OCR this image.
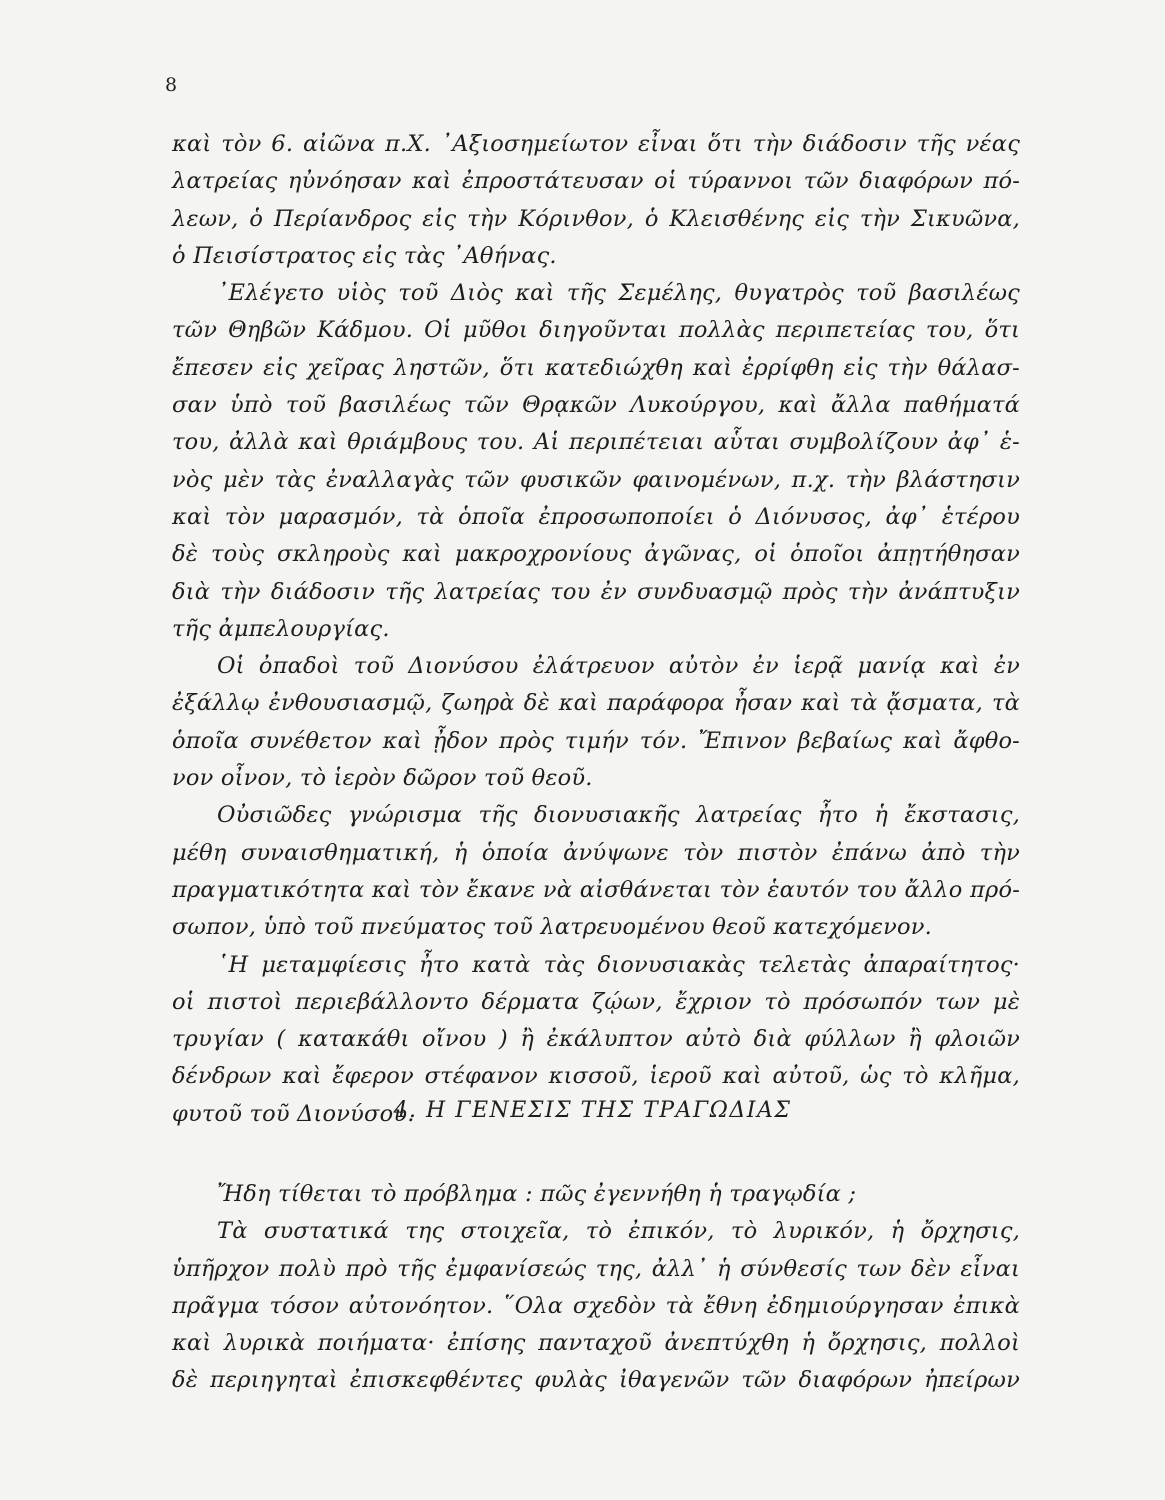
8
καὶ τὸν 6. αἰῶνα π.Χ. ᾿Αξιοσημείωτον εἶναι ὅτι τὴν διάδοσιν τῆς νέας
λατρείας ηὐνόησαν καὶ ἐπροστάτευσαν οἱ τύραννοι τῶν διαφόρων πό-
λεων, ὁ Περίανδρος εἰς τὴν Κόρινθον, ὁ Κλεισθένης εἰς τὴν Σικυῶνα,
ὁ Πεισίστρατος εἰς τὰς ᾿Αθήνας.
᾿Ελέγετο υἱὸς τοῦ Διὸς καὶ τῆς Σεμέλης, θυγατρὸς τοῦ βασιλέως
τῶν Θηβῶν Κάδμου. Οἱ μῦθοι διηγοῦνται πολλὰς περιπετείας του, ὅτι
ἔπεσεν εἰς χεῖρας ληστῶν, ὅτι κατεδιώχθη καὶ ἐρρίφθη εἰς τὴν θάλασ-
σαν ὑπὸ τοῦ βασιλέως τῶν Θρᾳκῶν Λυκούργου, καὶ ἄλλα παθήματά
του, ἀλλὰ καὶ θριάμβους του. Αἱ περιπέτειαι αὗται συμβολίζουν ἀφ᾿ ἑ-
νὸς μὲν τὰς ἐναλλαγὰς τῶν φυσικῶν φαινομένων, π.χ. τὴν βλάστησιν
καὶ τὸν μαρασμόν, τὰ ὁποῖα ἐπροσωποποίει ὁ Διόνυσος, ἀφ᾿ ἑτέρου
δὲ τοὺς σκληροὺς καὶ μακροχρονίους ἀγῶνας, οἱ ὁποῖοι ἀπῃτήθησαν
διὰ τὴν διάδοσιν τῆς λατρείας του ἐν συνδυασμῷ πρὸς τὴν ἀνάπτυξιν
τῆς ἀμπελουργίας.
Οἱ ὀπαδοὶ τοῦ Διονύσου ἐλάτρευον αὐτὸν ἐν ἱερᾷ μανίᾳ καὶ ἐν
ἐξάλλῳ ἐνθουσιασμῷ, ζωηρὰ δὲ καὶ παράφορα ἦσαν καὶ τὰ ᾄσματα, τὰ
ὁποῖα συνέθετον καὶ ᾖδον πρὸς τιμήν τόν. Ἔπινον βεβαίως καὶ ἄφθο-
νον οἶνον, τὸ ἱερὸν δῶρον τοῦ θεοῦ.
Οὐσιῶδες γνώρισμα τῆς διονυσιακῆς λατρείας ἦτο ἡ ἔκστασις,
μέθη συναισθηματική, ἡ ὁποία ἀνύψωνε τὸν πιστὸν ἐπάνω ἀπὸ τὴν
πραγματικότητα καὶ τὸν ἔκανε νὰ αἰσθάνεται τὸν ἑαυτόν του ἄλλο πρό-
σωπον, ὑπὸ τοῦ πνεύματος τοῦ λατρευομένου θεοῦ κατεχόμενον.
῾Η μεταμφίεσις ἦτο κατὰ τὰς διονυσιακὰς τελετὰς ἀπαραίτητος·
οἱ πιστοὶ περιεβάλλοντο δέρματα ζῴων, ἔχριον τὸ πρόσωπόν των μὲ
τρυγίαν ( κατακάθι οἴνου ) ἢ ἐκάλυπτον αὐτὸ διὰ φύλλων ἢ φλοιῶν
δένδρων καὶ ἔφερον στέφανον κισσοῦ, ἱεροῦ καὶ αὐτοῦ, ὡς τὸ κλῆμα,
φυτοῦ τοῦ Διονύσου.
4. Η ΓΕΝΕΣΙΣ ΤΗΣ ΤΡΑΓΩΔΙΑΣ
Ἤδη τίθεται τὸ πρόβλημα : πῶς ἐγεννήθη ἡ τραγῳδία ;
Τὰ συστατικά της στοιχεῖα, τὸ ἐπικόν, τὸ λυρικόν, ἡ ὄρχησις,
ὑπῆρχον πολὺ πρὸ τῆς ἐμφανίσεώς της, ἀλλ᾿ ἡ σύνθεσίς των δὲν εἶναι
πρᾶγμα τόσον αὐτονόητον. ῞Ολα σχεδὸν τὰ ἔθνη ἐδημιούργησαν ἐπικὰ
καὶ λυρικὰ ποιήματα· ἐπίσης πανταχοῦ ἀνεπτύχθη ἡ ὄρχησις, πολλοὶ
δὲ περιηγηταὶ ἐπισκεφθέντες φυλὰς ἰθαγενῶν τῶν διαφόρων ἠπείρων
